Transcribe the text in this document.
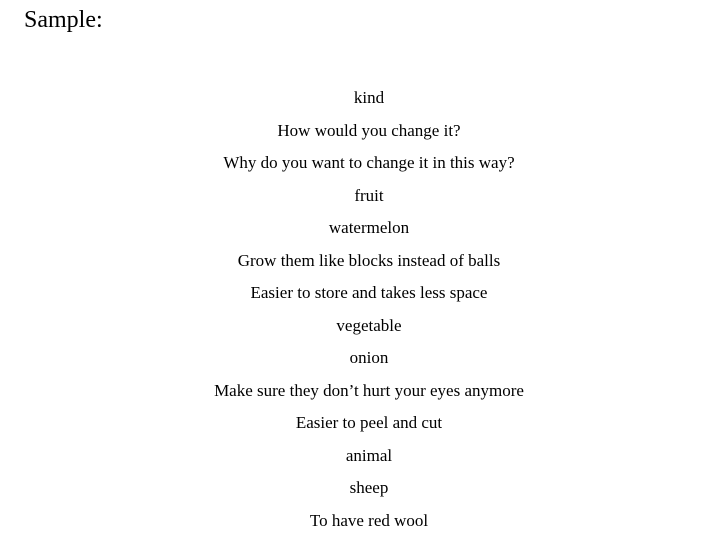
Sample:
kind
How would you change it?
Why do you want to change it in this way?
fruit
watermelon
Grow them like blocks instead of balls
Easier to store and takes less space
vegetable
onion
Make sure they don’t hurt your eyes anymore
Easier to peel and cut
animal
sheep
To have red wool
